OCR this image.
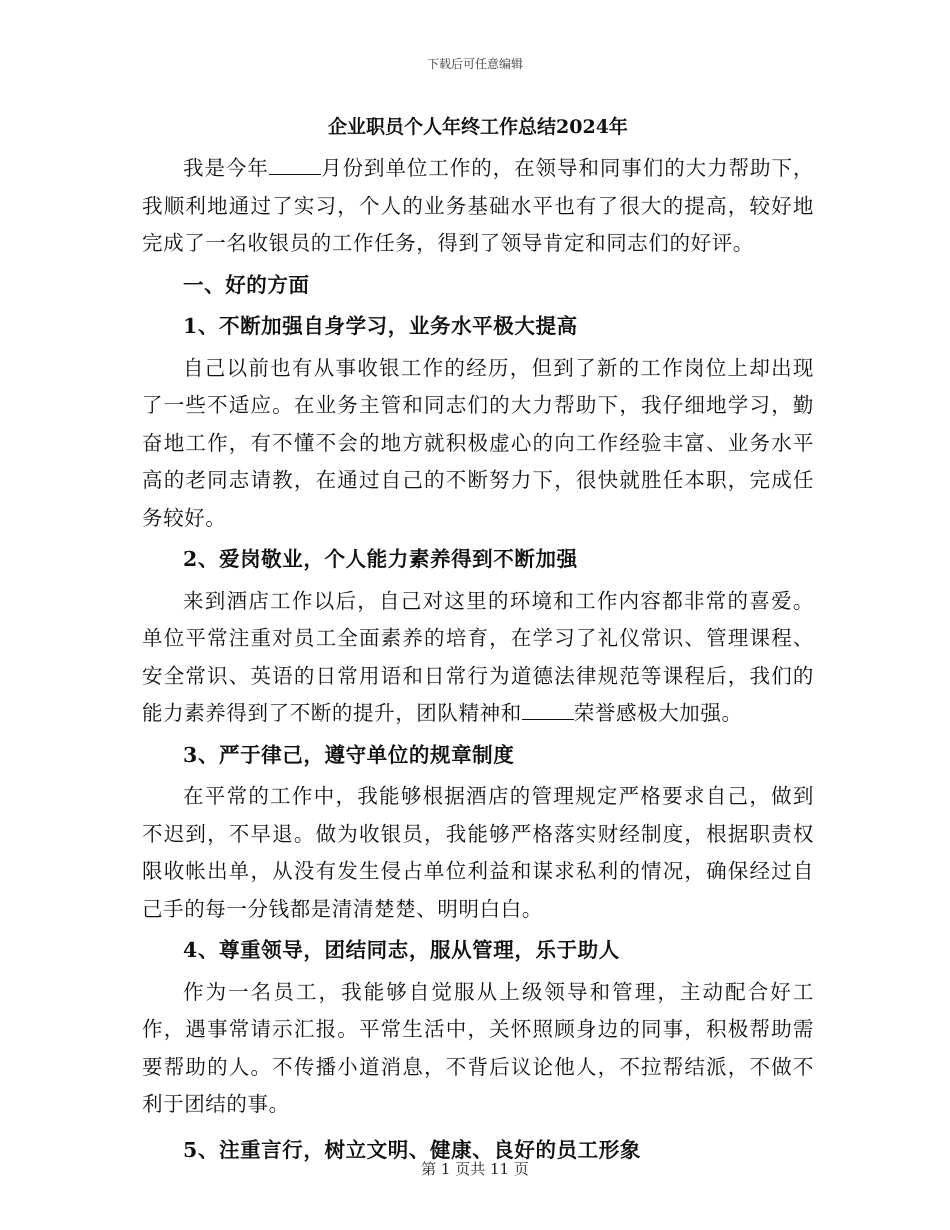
下载后可任意编辑
企业职员个人年终工作总结2024年

我是今年	月份到单位工作的，在领导和同事们的大力帮助下，我顺利地通过了实习，个人的业务基础水平也有了很大的提高，较好地完成了一名收银员的工作任务，得到了领导肯定和同志们的好评。

一、好的方面

1、不断加强自身学习，业务水平极大提高

自己以前也有从事收银工作的经历，但到了新的工作岗位上却出现了一些不适应。在业务主管和同志们的大力帮助下，我仔细地学习，勤奋地工作，有不懂不会的地方就积极虚心的向工作经验丰富、业务水平高的老同志请教，在通过自己的不断努力下，很快就胜任本职，完成任务较好。

2、爱岗敬业，个人能力素养得到不断加强

来到酒店工作以后，自己对这里的环境和工作内容都非常的喜爱。单位平常注重对员工全面素养的培育，在学习了礼仪常识、管理课程、安全常识、英语的日常用语和日常行为道德法律规范等课程后，我们的能力素养得到了不断的提升，团队精神和	荣誉感极大加强。

3、严于律己，遵守单位的规章制度

在平常的工作中，我能够根据酒店的管理规定严格要求自己，做到不迟到，不早退。做为收银员，我能够严格落实财经制度，根据职责权限收帐出单，从没有发生侵占单位利益和谋求私利的情况，确保经过自己手的每一分钱都是清清楚楚、明明白白。

4、尊重领导，团结同志，服从管理，乐于助人

作为一名员工，我能够自觉服从上级领导和管理，主动配合好工作，遇事常请示汇报。平常生活中，关怀照顾身边的同事，积极帮助需要帮助的人。不传播小道消息，不背后议论他人，不拉帮结派，不做不利于团结的事。

5、注重言行，树立文明、健康、良好的员工形象

第 1 页共 11 页
